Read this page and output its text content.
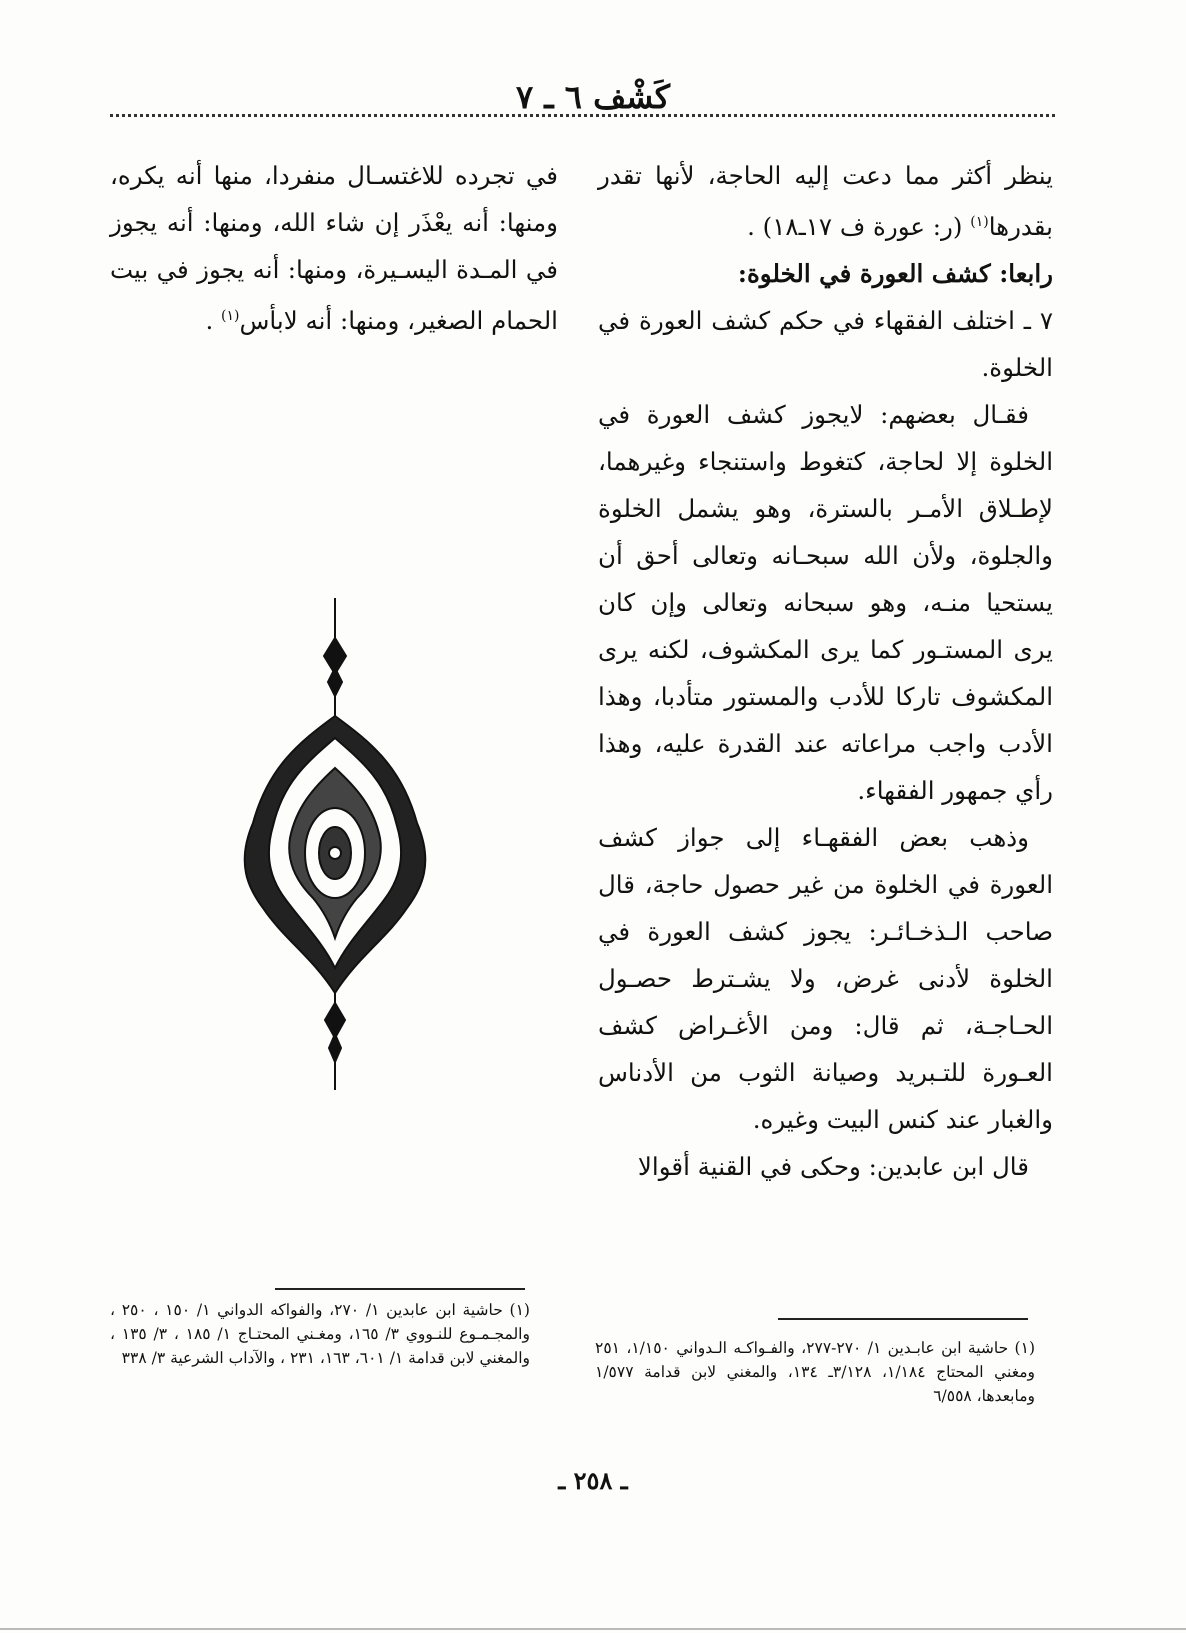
كَشْف ٦ ـ ٧

ينظر أكثر مما دعت إليه الحاجة، لأنها تقدر بقدرها$^{(١)}$ (ر: عورة ف ١٧ـ١٨) .

رابعا: كشف العورة في الخلوة:

٧ ـ اختلف الفقهاء في حكم كشف العورة في الخلوة.

فقـال بعضهم: لايجوز كشف العورة في الخلوة إلا لحاجة، كتغوط واستنجاء وغيرهما، لإطـلاق الأمـر بالسترة، وهو يشمل الخلوة والجلوة، ولأن الله سبحـانه وتعالى أحق أن يستحيا منـه، وهو سبحانه وتعالى وإن كان يرى المستـور كما يرى المكشوف، لكنه يرى المكشوف تاركا للأدب والمستور متأدبا، وهذا الأدب واجب مراعاته عند القدرة عليه، وهذا رأي جمهور الفقهاء.

وذهب بعض الفقهـاء إلى جواز كشف العورة في الخلوة من غير حصول حاجة، قال صاحب الـذخـائـر: يجوز كشف العورة في الخلوة لأدنى غرض، ولا يشـترط حصـول الحـاجـة، ثم قال: ومن الأغـراض كشف العـورة للتـبريد وصيانة الثوب من الأدناس والغبار عند كنس البيت وغيره.

قال ابن عابدين: وحكى في القنية أقوالا

في تجرده للاغتسـال منفردا، منها أنه يكره، ومنها: أنه يعْذَر إن شاء الله، ومنها: أنه يجوز في المـدة اليسـيرة، ومنها: أنه يجوز في بيت الحمام الصغير، ومنها: أنه لابأس$^{(١)}$ .

(١) حاشية ابن عابدين ١/ ٢٧٠، والفواكه الدواني ١/ ١٥٠ ، ٢٥٠ ، والمجـمـوع للنـووي ٣/ ١٦٥، ومغـني المحتـاج ١/ ١٨٥ ، ٣/ ١٣٥ ، والمغني لابن قدامة ١/ ٦٠١، ١٦٣، ٢٣١ ، والآداب الشرعية ٣/ ٣٣٨
(١) حاشية ابن عابـدين ١/ ٢٧٠-٢٧٧، والفـواكـه الـدواني ١/١٥٠، ٢٥١ ومغني المحتاج ١/١٨٤، ٣/١٢٨ـ ١٣٤، والمغني لابن قدامة ١/٥٧٧ ومابعدها، ٦/٥٥٨
ـ ٢٥٨ ـ
